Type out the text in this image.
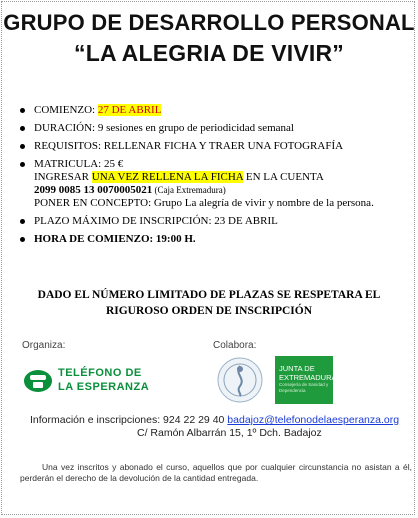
GRUPO DE DESARROLLO PERSONAL
“LA ALEGRIA DE VIVIR”
COMIENZO: 27 DE ABRIL
DURACIÓN: 9 sesiones en grupo de periodicidad semanal
REQUISITOS: RELLENAR FICHA Y TRAER UNA FOTOGRAFÍA
MATRICULA: 25 €
INGRESAR UNA VEZ RELLENA LA FICHA EN LA CUENTA
2099 0085 13 0070005021 (Caja Extremadura)
PONER EN CONCEPTO: Grupo La alegría de vivir y nombre de la persona.
PLAZO MÁXIMO DE INSCRIPCIÓN: 23 DE ABRIL
HORA DE COMIENZO: 19:00 H.
DADO EL NÚMERO LIMITADO DE PLAZAS SE RESPETARA EL RIGUROSO ORDEN DE INSCRIPCIÓN
Organiza:	Colabora:
TELÉFONO DE
LA ESPERANZA
JUNTA DE
EXTREMADURA
Consejería de Sanidad y Dependencia
Información e inscripciones: 924 22 29 40 badajoz@telefonodelaesperanza.org
C/ Ramón Albarrán 15, 1º Dch. Badajoz
Una vez inscritos y abonado el curso, aquellos que por cualquier circunstancia no asistan a él, perderán el derecho de la devolución de la cantidad entregada.
